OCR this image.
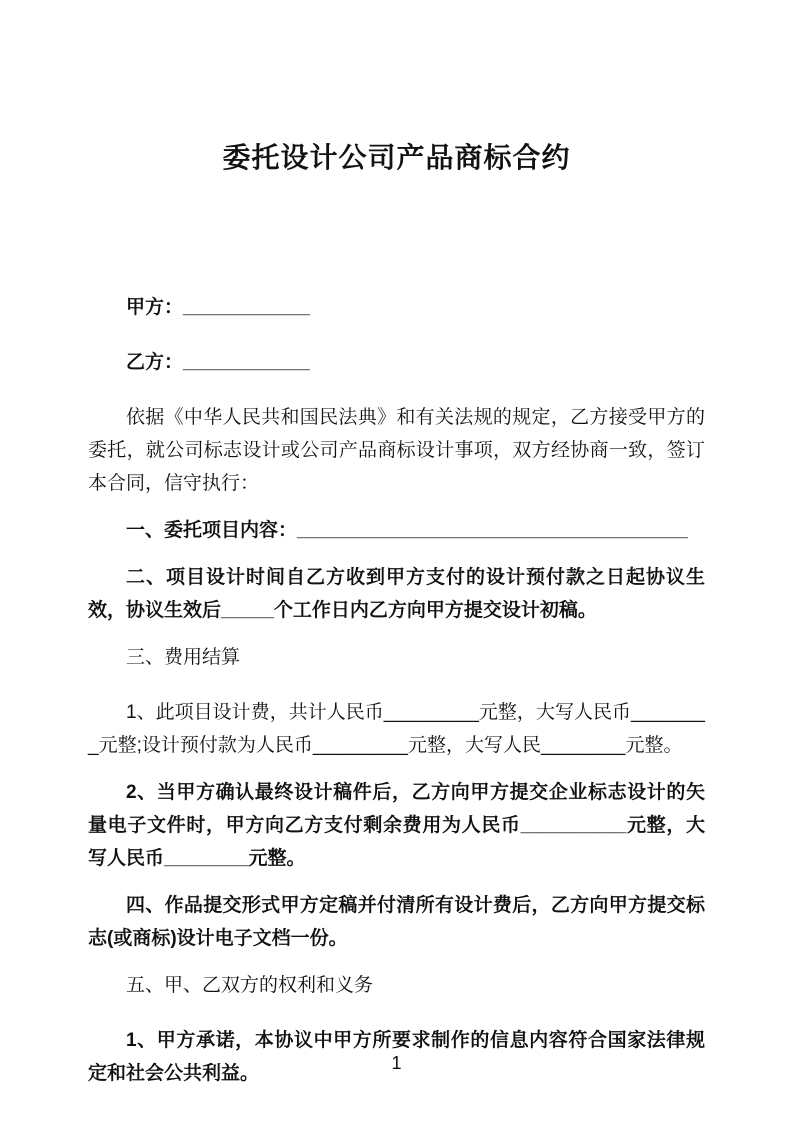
委托设计公司产品商标合约

甲方：____________

乙方：____________

依据《中华人民共和国民法典》和有关法规的规定，乙方接受甲方的委托，就公司标志设计或公司产品商标设计事项，双方经协商一致，签订本合同，信守执行：

一、委托项目内容：_____________________________________

二、项目设计时间自乙方收到甲方支付的设计预付款之日起协议生效，协议生效后_____个工作日内乙方向甲方提交设计初稿。

三、费用结算

1、此项目设计费，共计人民币_________元整，大写人民币________元整;设计预付款为人民币_________元整，大写人民________元整。

2、当甲方确认最终设计稿件后，乙方向甲方提交企业标志设计的矢量电子文件时，甲方向乙方支付剩余费用为人民币__________元整，大写人民币________元整。

四、作品提交形式甲方定稿并付清所有设计费后，乙方向甲方提交标志(或商标)设计电子文档一份。

五、甲、乙双方的权利和义务

1、甲方承诺，本协议中甲方所要求制作的信息内容符合国家法律规定和社会公共利益。	1
